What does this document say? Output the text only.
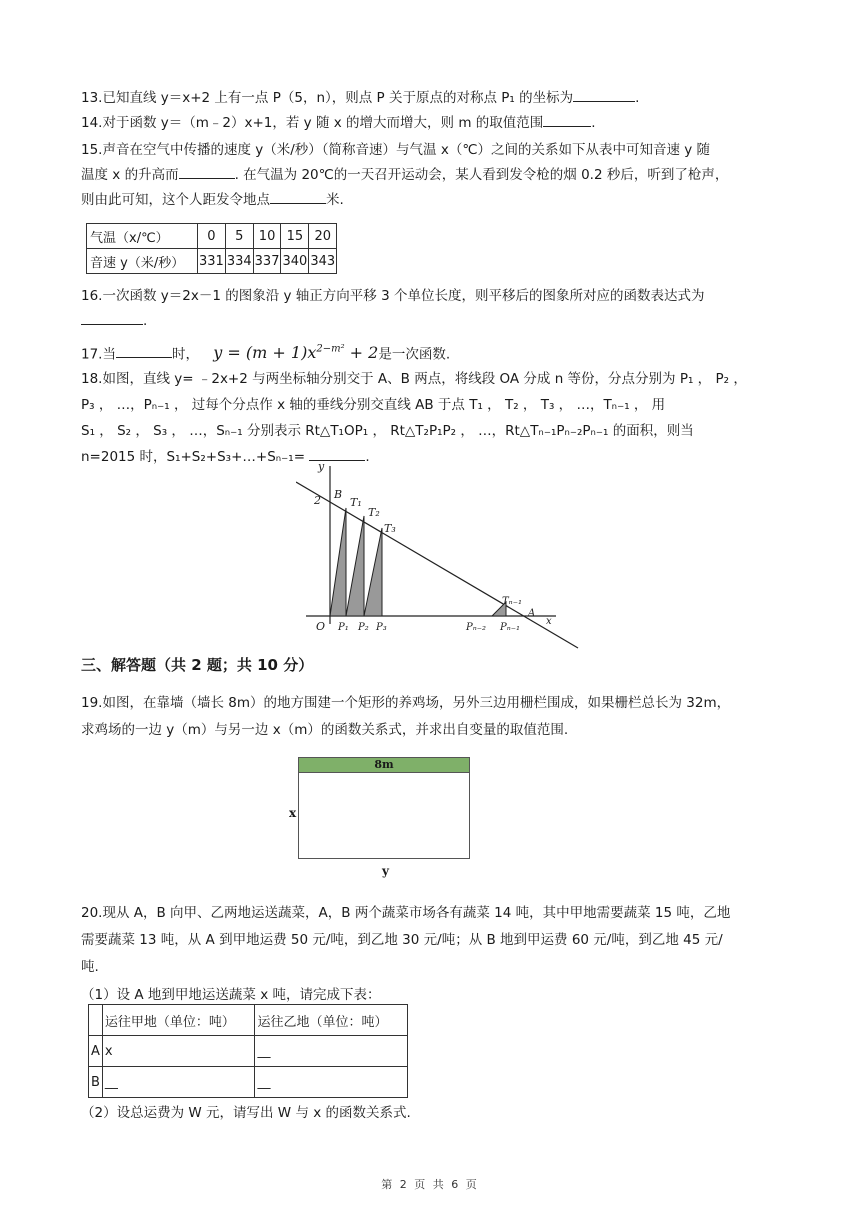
13.已知直线 y＝x+2 上有一点 P（5，n），则点 P 关于原点的对称点 P₁ 的坐标为	.
14.对于函数 y＝（m﹣2）x+1，若 y 随 x 的增大而增大，则 m 的取值范围	.
15.声音在空气中传播的速度 y（米/秒）（简称音速）与气温 x（℃）之间的关系如下从表中可知音速 y 随
温度 x 的升高而	. 在气温为 20℃的一天召开运动会，某人看到发令枪的烟 0.2 秒后，听到了枪声，
则由此可知，这个人距发令地点	米.
气温（x/℃）	0	5	10	15	20
音速 y（米/秒）	331	334	337	340	343
16.一次函数 y＝2x－1 的图象沿 y 轴正方向平移 3 个单位长度，则平移后的图象所对应的函数表达式为
.
17.当	时， $y = (m + 1)x^{2-m^2} + 2$是一次函数.
18.如图，直线 y= ﹣2x+2 与两坐标轴分别交于 A、B 两点，将线段 OA 分成 n 等份，分点分别为 P₁ ， P₂ ，
P₃ ， …，Pₙ₋₁ ， 过每个分点作 x 轴的垂线分别交直线 AB 于点 T₁ ， T₂ ， T₃ ， …，Tₙ₋₁ ， 用
S₁ ， S₂ ， S₃ ， …，Sₙ₋₁ 分别表示 Rt△T₁OP₁ ， Rt△T₂P₁P₂ ， …，Rt△Tₙ₋₁Pₙ₋₂Pₙ₋₁ 的面积，则当
n=2015 时，S₁+S₂+S₃+…+Sₙ₋₁=	.
y
2 B
T₁
T₂
T₃
O P₁ P₂ P₃	Pₙ₋₂ Pₙ₋₁
Tₙ₋₁
A
x
三、解答题（共 2 题；共 10 分）
19.如图，在靠墙（墙长 8m）的地方围建一个矩形的养鸡场，另外三边用栅栏围成，如果栅栏总长为 32m，
求鸡场的一边 y（m）与另一边 x（m）的函数关系式，并求出自变量的取值范围.
8m
x
y
20.现从 A，B 向甲、乙两地运送蔬菜，A，B 两个蔬菜市场各有蔬菜 14 吨，其中甲地需要蔬菜 15 吨，乙地
需要蔬菜 13 吨，从 A 到甲地运费 50 元/吨，到乙地 30 元/吨；从 B 地到甲运费 60 元/吨，到乙地 45 元/
吨.
（1）设 A 地到甲地运送蔬菜 x 吨，请完成下表：
	运往甲地（单位：吨）	运往乙地（单位：吨）
A	x	__
B	__	__
（2）设总运费为 W 元，请写出 W 与 x 的函数关系式.
第 2 页 共 6 页
